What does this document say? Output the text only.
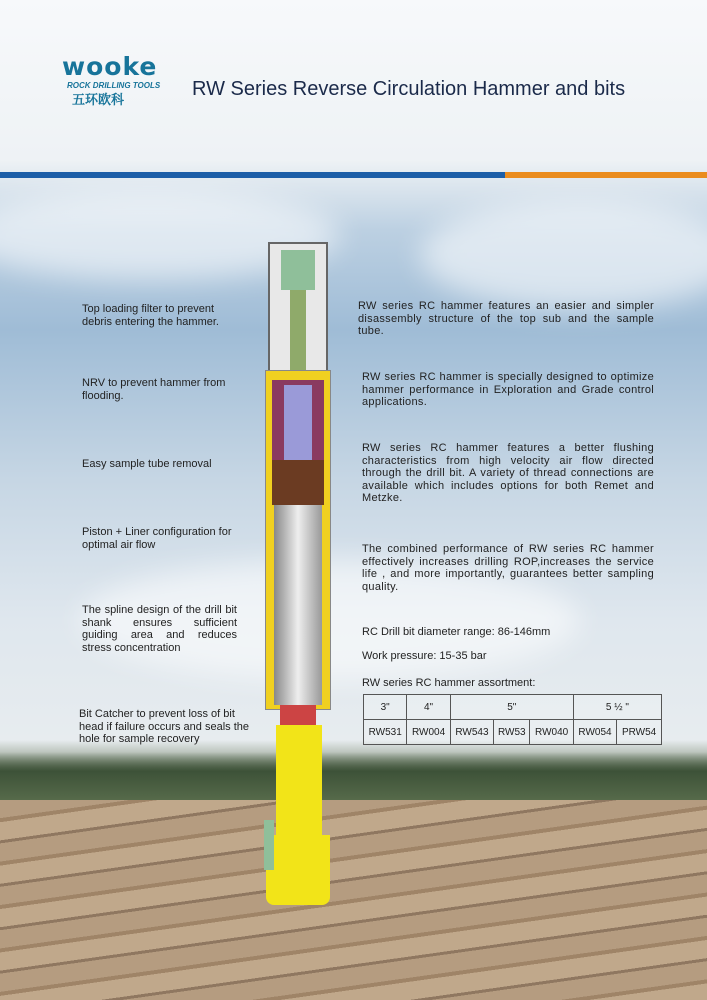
wooke
ROCK DRILLING TOOLS
五环欧科	RW Series Reverse Circulation Hammer and bits
Top loading filter to prevent debris entering the hammer.
NRV to prevent hammer from flooding.
Easy sample tube removal
Piston + Liner configuration for optimal air flow
The spline design of the drill bit shank ensures sufficient guiding area and reduces stress concentration
Bit Catcher to prevent loss of bit head if failure occurs and seals the hole for sample recovery
RW series RC hammer features an easier and simpler disassembly structure of the top sub and the sample tube.
RW series RC hammer is specially designed to optimize hammer performance in Exploration and Grade control applications.
RW series RC hammer features a better flushing characteristics from high velocity air flow directed through the drill bit. A variety of thread connections are available which includes options for both Remet and Metzke.
The combined performance of RW series RC hammer effectively increases drilling ROP,increases the service life , and more importantly, guarantees better sampling quality.
RC Drill bit diameter range: 86-146mm
Work pressure: 15-35 bar
RW series RC hammer assortment:
3"	4"	5"			5 ½ "	
RW531	RW004	RW543	RW53	RW040	RW054	PRW54
